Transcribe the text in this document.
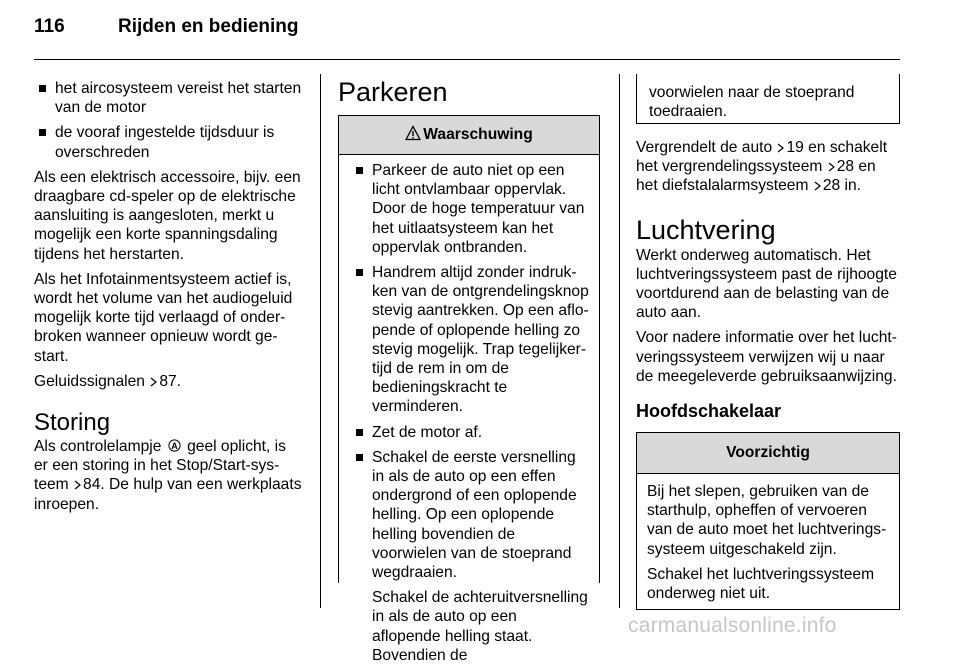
116	Rijden en bediening
het aircosysteem vereist het starten van de motor
de vooraf ingestelde tijdsduur is overschreden

Als een elektrisch accessoire, bijv. een draagbare cd-speler op de elektrische aansluiting is aangesloten, merkt u mogelijk een korte spanningsdaling tijdens het herstarten.

Als het Infotainmentsysteem actief is, wordt het volume van het audiogeluid mogelijk korte tijd verlaagd of onderbroken wanneer opnieuw wordt gestart.

Geluidssignalen 87.

Storing

Als controlelampje A geel oplicht, is er een storing in het Stop/Start-systeem 84. De hulp van een werkplaats inroepen.

Parkeren
Waarschuwing
Parkeer de auto niet op een licht ontvlambaar oppervlak. Door de hoge temperatuur van het uitlaatsysteem kan het oppervlak ontbranden.
Handrem altijd zonder indrukken van de ontgrendelingsknop stevig aantrekken. Op een aflopende of oplopende helling zo stevig mogelijk. Trap tegelijkertijd de rem in om de bedieningskracht te verminderen.
Zet de motor af.
Schakel de eerste versnelling in als de auto op een effen ondergrond of een oplopende helling. Op een oplopende helling bovendien de voorwielen van de stoeprand wegdraaien.

Schakel de achteruitversnelling in als de auto op een aflopende helling staat. Bovendien de

voorwielen naar de stoeprand toedraaien.

Vergrendelt de auto 19 en schakelt het vergrendelingssysteem 28 en het diefstalalarmsysteem 28 in.

Luchtvering

Werkt onderweg automatisch. Het luchtveringssysteem past de rijhoogte voortdurend aan de belasting van de auto aan.

Voor nadere informatie over het luchtveringssysteem verwijzen wij u naar de meegeleverde gebruiksaanwijzing.

Hoofdschakelaar
Voorzichtig

Bij het slepen, gebruiken van de starthulp, opheffen of vervoeren van de auto moet het luchtveringssysteem uitgeschakeld zijn.

Schakel het luchtveringssysteem onderweg niet uit.

carmanualsonline.info
